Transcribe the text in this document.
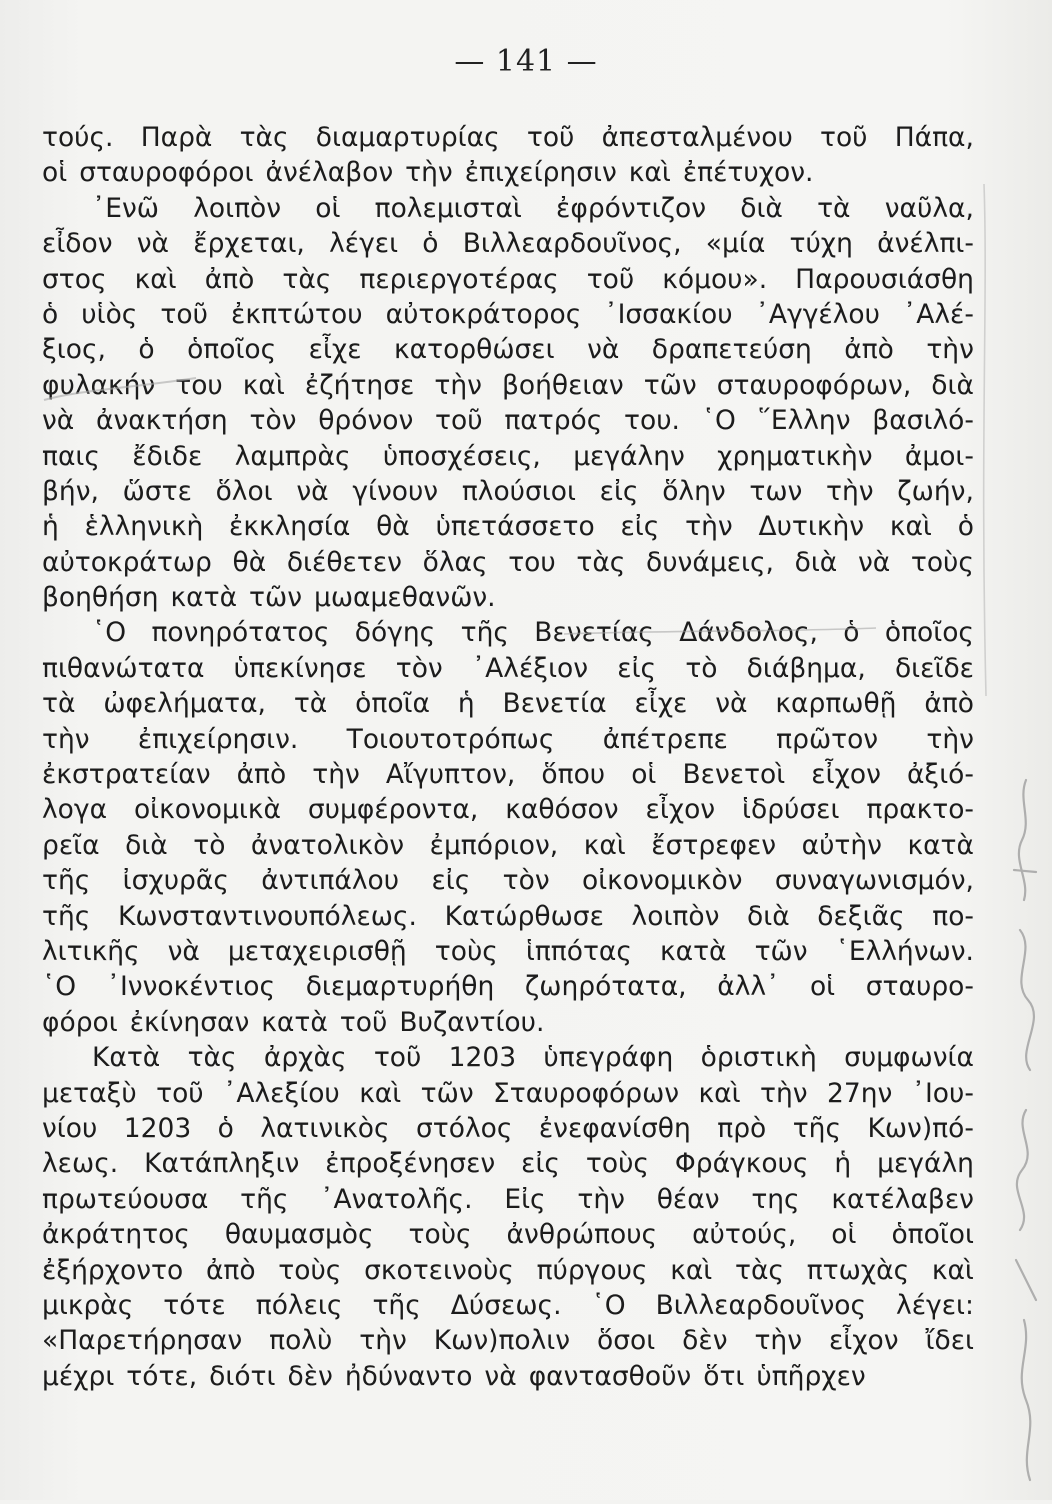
— 141 —
τούς. Παρὰ τὰς διαμαρτυρίας τοῦ ἀπεσταλμένου τοῦ Πάπα,
οἱ σταυροφόροι ἀνέλαβον τὴν ἐπιχείρησιν καὶ ἐπέτυχον.
᾿Ενῶ λοιπὸν οἱ πολεμισταὶ ἐφρόντιζον διὰ τὰ ναῦλα,
εἶδον νὰ ἔρχεται, λέγει ὁ Βιλλεαρδουῖνος, «μία τύχη ἀνέλπι-
στος καὶ ἀπὸ τὰς περιεργοτέρας τοῦ κόμου». Παρουσιάσθη
ὁ υἱὸς τοῦ ἐκπτώτου αὐτοκράτορος ᾿Ισσακίου ᾿Αγγέλου ᾿Αλέ-
ξιος, ὁ ὁποῖος εἶχε κατορθώσει νὰ δραπετεύση ἀπὸ τὴν
φυλακήν του καὶ ἐζήτησε τὴν βοήθειαν τῶν σταυροφόρων, διὰ
νὰ ἀνακτήση τὸν θρόνον τοῦ πατρός του. ῾Ο ῞Ελλην βασιλό-
παις ἔδιδε λαμπρὰς ὑποσχέσεις, μεγάλην χρηματικὴν ἀμοι-
βήν, ὥστε ὅλοι νὰ γίνουν πλούσιοι εἰς ὅλην των τὴν ζωήν,
ἡ ἑλληνικὴ ἐκκλησία θὰ ὑπετάσσετο εἰς τὴν Δυτικὴν καὶ ὁ
αὐτοκράτωρ θὰ διέθετεν ὅλας του τὰς δυνάμεις, διὰ νὰ τοὺς
βοηθήση κατὰ τῶν μωαμεθανῶν.
῾Ο πονηρότατος δόγης τῆς Βενετίας Δάνδολος, ὁ ὁποῖος
πιθανώτατα ὑπεκίνησε τὸν ᾿Αλέξιον εἰς τὸ διάβημα, διεῖδε
τὰ ὠφελήματα, τὰ ὁποῖα ἡ Βενετία εἶχε νὰ καρπωθῇ ἀπὸ
τὴν ἐπιχείρησιν. Τοιουτοτρόπως ἀπέτρεπε πρῶτον τὴν
ἐκστρατείαν ἀπὸ τὴν Αἴγυπτον, ὅπου οἱ Βενετοὶ εἶχον ἀξιό-
λογα οἰκονομικὰ συμφέροντα, καθόσον εἶχον ἱδρύσει πρακτο-
ρεῖα διὰ τὸ ἀνατολικὸν ἐμπόριον, καὶ ἔστρεφεν αὐτὴν κατὰ
τῆς ἰσχυρᾶς ἀντιπάλου εἰς τὸν οἰκονομικὸν συναγωνισμόν,
τῆς Κωνσταντινουπόλεως. Κατώρθωσε λοιπὸν διὰ δεξιᾶς πο-
λιτικῆς νὰ μεταχειρισθῇ τοὺς ἱππότας κατὰ τῶν ῾Ελλήνων.
῾Ο ᾿Ιννοκέντιος διεμαρτυρήθη ζωηρότατα, ἀλλ᾿ οἱ σταυρο-
φόροι ἐκίνησαν κατὰ τοῦ Βυζαντίου.
Κατὰ τὰς ἀρχὰς τοῦ 1203 ὑπεγράφη ὁριστικὴ συμφωνία
μεταξὺ τοῦ ᾿Αλεξίου καὶ τῶν Σταυροφόρων καὶ τὴν 27ην ᾿Ιου-
νίου 1203 ὁ λατινικὸς στόλος ἐνεφανίσθη πρὸ τῆς Κων)πό-
λεως. Κατάπληξιν ἐπροξένησεν εἰς τοὺς Φράγκους ἡ μεγάλη
πρωτεύουσα τῆς ᾿Ανατολῆς. Εἰς τὴν θέαν της κατέλαβεν
ἀκράτητος θαυμασμὸς τοὺς ἀνθρώπους αὐτούς, οἱ ὁποῖοι
ἐξήρχοντο ἀπὸ τοὺς σκοτεινοὺς πύργους καὶ τὰς πτωχὰς καὶ
μικρὰς τότε πόλεις τῆς Δύσεως. ῾Ο Βιλλεαρδουῖνος λέγει:
«Παρετήρησαν πολὺ τὴν Κων)πολιν ὅσοι δὲν τὴν εἶχον ἴδει
μέχρι τότε, διότι δὲν ἠδύναντο νὰ φαντασθοῦν ὅτι ὑπῆρχεν
